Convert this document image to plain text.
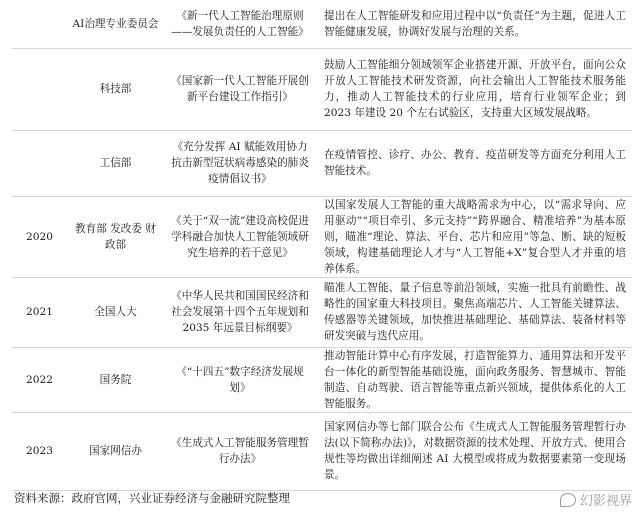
	AI治理专业委员会	《新一代人工智能治理原则——发展负责任的人工智能》	提出在人工智能研发和应用过程中以“负责任”为主题，促进人工智能健康发展，协调好发展与治理的关系。
	科技部	《国家新一代人工智能开展创新平台建设工作指引》	鼓励人工智能细分领域领军企业搭建开源、开放平台，面向公众开放人工智能技术研发资源，向社会输出人工智能技术服务能力，推动人工智能技术的行业应用，培育行业领军企业；到 2023 年建设 20 个左右试验区，支持重大区域发展战略。
	工信部	《充分发挥 AI 赋能效用协力抗击新型冠状病毒感染的肺炎疫情倡议书》	在疫情管控、诊疗、办公、教育、疫苗研发等方面充分利用人工智能技术。
2020	教育部 发改委 财政部	《关于“双一流”建设高校促进学科融合加快人工智能领域研究生培养的若干意见》	以国家发展人工智能的重大战略需求为中心，以“需求导向、应用驱动”“项目牵引、多元支持”“跨界融合、精准培养”为基本原则，瞄准“理论、算法、平台、芯片和应用”等急、断、缺的短板领域，构建基础理论人才与“人工智能+X”复合型人才并重的培养体系。
2021	全国人大	《中华人民共和国国民经济和社会发展第十四个五年规划和 2035 年远景目标纲要》	瞄准人工智能、量子信息等前沿领域，实施一批具有前瞻性、战略性的国家重大科技项目。聚焦高端芯片、人工智能关键算法、传感器等关键领域，加快推进基础理论、基础算法、装备材料等研发突破与迭代应用。
2022	国务院	《“十四五”数字经济发展规划》	推动智能计算中心有序发展，打造智能算力、通用算法和开发平台一体化的新型智能基础设施，面向政务服务、智慧城市、智能制造、自动驾驶、语言智能等重点新兴领域，提供体系化的人工智能服务。
2023	国家网信办	《生成式人工智能服务管理暂行办法》	国家网信办等七部门联合公布《生成式人工智能服务管理暂行办法(以下简称办法)》，对数据资源的技术处理、开放方式、使用合规性等均做出详细阐述 AI 大模型或将成为数据要素第一变现场景。
资料来源：政府官网，兴业证券经济与金融研究院整理	幻影视界
